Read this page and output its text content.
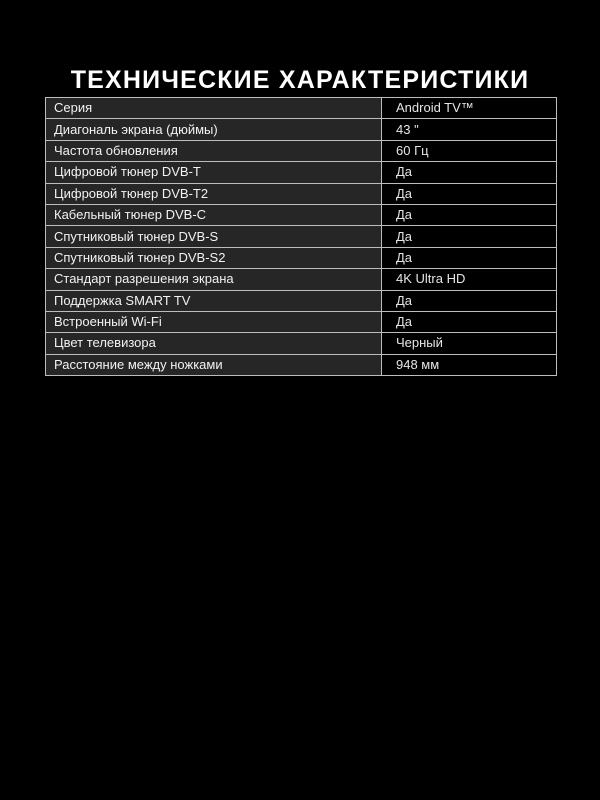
ТЕХНИЧЕСКИЕ ХАРАКТЕРИСТИКИ
Серия	Android TV™
Диагональ экрана (дюймы)	43 "
Частота обновления	60 Гц
Цифровой тюнер DVB-T	Да
Цифровой тюнер DVB-T2	Да
Кабельный тюнер DVB-C	Да
Спутниковый тюнер DVB-S	Да
Спутниковый тюнер DVB-S2	Да
Стандарт разрешения экрана	4K Ultra HD
Поддержка SMART TV	Да
Встроенный Wi-Fi	Да
Цвет телевизора	Черный
Расстояние между ножками	948 мм
